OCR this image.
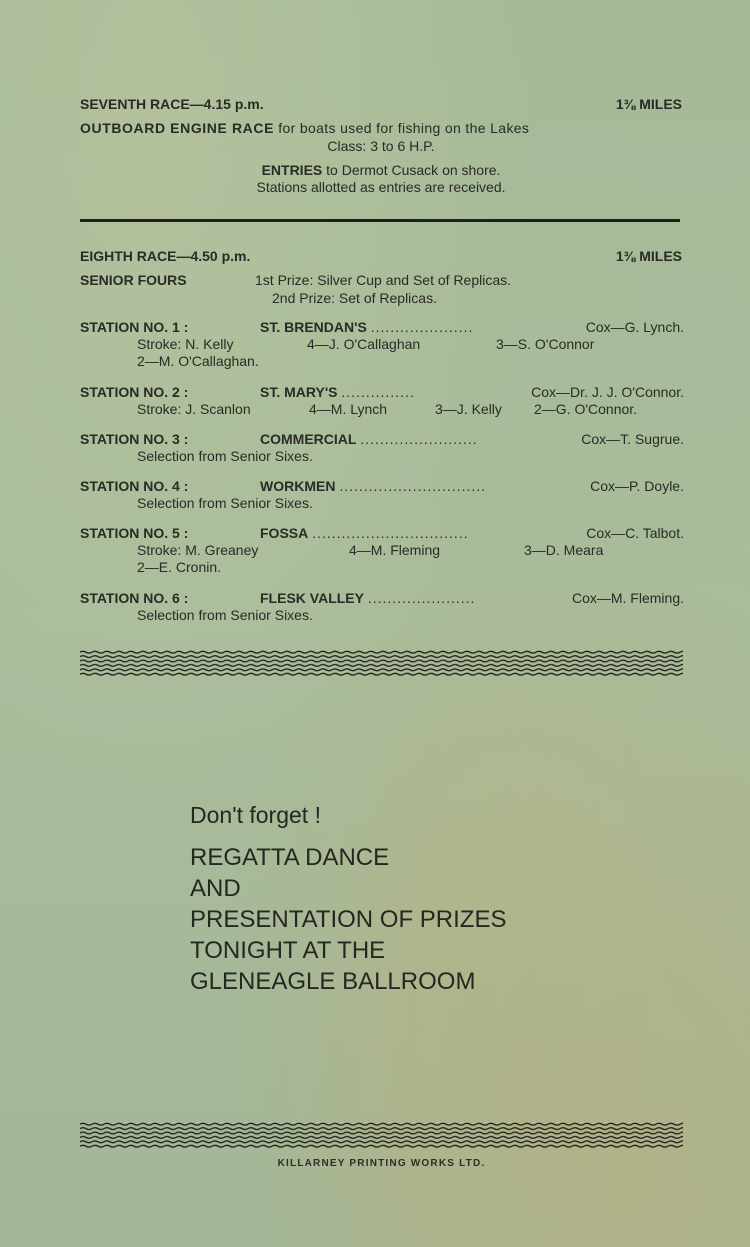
SEVENTH RACE—4.15 p.m.	1⅜ MILES
OUTBOARD ENGINE RACE for boats used for fishing on the Lakes
Class: 3 to 6 H.P.
ENTRIES to Dermot Cusack on shore.
Stations allotted as entries are received.
EIGHTH RACE—4.50 p.m.	1⅜ MILES
SENIOR FOURS	1st Prize: Silver Cup and Set of Replicas.
2nd Prize: Set of Replicas.
STATION NO. 1 :	ST. BRENDAN'S .....................	Cox—G. Lynch.
Stroke: N. Kelly	4—J. O'Callaghan	3—S. O'Connor
2—M. O'Callaghan.
STATION NO. 2 :	ST. MARY'S ...............	Cox—Dr. J. J. O'Connor.
Stroke: J. Scanlon	4—M. Lynch	3—J. Kelly 2—G. O'Connor.
STATION NO. 3 :	COMMERCIAL ........................	Cox—T. Sugrue.
Selection from Senior Sixes.
STATION NO. 4 :	WORKMEN ..............................	Cox—P. Doyle.
Selection from Senior Sixes.
STATION NO. 5 :	FOSSA ................................	Cox—C. Talbot.
Stroke: M. Greaney	4—M. Fleming	3—D. Meara
2—E. Cronin.
STATION NO. 6 :	FLESK VALLEY ......................	Cox—M. Fleming.
Selection from Senior Sixes.
Don't forget !
REGATTA DANCE
AND
PRESENTATION OF PRIZES
TONIGHT AT THE
GLENEAGLE BALLROOM
KILLARNEY PRINTING WORKS LTD.
